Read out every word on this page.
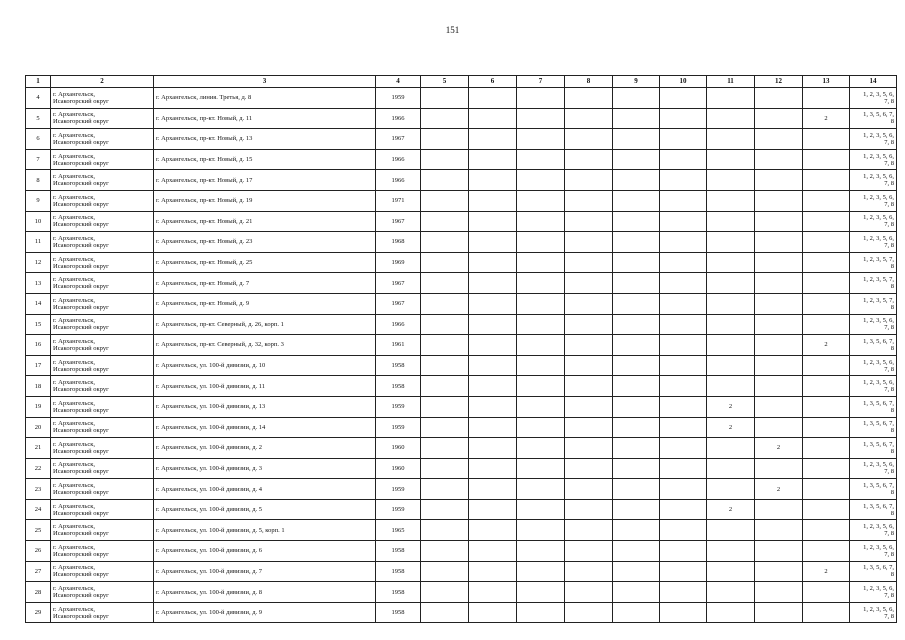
151
1	2	3	4	5	6	7	8	9	10	11	12	13	14
4	г. Архангельск,
Исакогорский округ	г. Архангельск, линия. Третья, д. 8	1959										1, 2, 3, 5, 6,
7, 8

5	г. Архангельск,
Исакогорский округ	г. Архангельск, пр-кт. Новый, д. 11	1966									2	1, 3, 5, 6, 7,
8

6	г. Архангельск,
Исакогорский округ	г. Архангельск, пр-кт. Новый, д. 13	1967										1, 2, 3, 5, 6,
7, 8

7	г. Архангельск,
Исакогорский округ	г. Архангельск, пр-кт. Новый, д. 15	1966										1, 2, 3, 5, 6,
7, 8

8	г. Архангельск,
Исакогорский округ	г. Архангельск, пр-кт. Новый, д. 17	1966										1, 2, 3, 5, 6,
7, 8

9	г. Архангельск,
Исакогорский округ	г. Архангельск, пр-кт. Новый, д. 19	1971										1, 2, 3, 5, 6,
7, 8

10	г. Архангельск,
Исакогорский округ	г. Архангельск, пр-кт. Новый, д. 21	1967										1, 2, 3, 5, 6,
7, 8

11	г. Архангельск,
Исакогорский округ	г. Архангельск, пр-кт. Новый, д. 23	1968										1, 2, 3, 5, 6,
7, 8

12	г. Архангельск,
Исакогорский округ	г. Архангельск, пр-кт. Новый, д. 25	1969										1, 2, 3, 5, 7,
8

13	г. Архангельск,
Исакогорский округ	г. Архангельск, пр-кт. Новый, д. 7	1967										1, 2, 3, 5, 7,
8

14	г. Архангельск,
Исакогорский округ	г. Архангельск, пр-кт. Новый, д. 9	1967										1, 2, 3, 5, 7,
8

15	г. Архангельск,
Исакогорский округ	г. Архангельск, пр-кт. Северный, д. 26, корп. 1	1966										1, 2, 3, 5, 6,
7, 8

16	г. Архангельск,
Исакогорский округ	г. Архангельск, пр-кт. Северный, д. 32, корп. 3	1961									2	1, 3, 5, 6, 7,
8

17	г. Архангельск,
Исакогорский округ	г. Архангельск, ул. 100-й дивизии, д. 10	1958										1, 2, 3, 5, 6,
7, 8

18	г. Архангельск,
Исакогорский округ	г. Архангельск, ул. 100-й дивизии, д. 11	1958										1, 2, 3, 5, 6,
7, 8

19	г. Архангельск,
Исакогорский округ	г. Архангельск, ул. 100-й дивизии, д. 13	1959							2			1, 3, 5, 6, 7,
8

20	г. Архангельск,
Исакогорский округ	г. Архангельск, ул. 100-й дивизии, д. 14	1959							2			1, 3, 5, 6, 7,
8

21	г. Архангельск,
Исакогорский округ	г. Архангельск, ул. 100-й дивизии, д. 2	1960								2		1, 3, 5, 6, 7,
8

22	г. Архангельск,
Исакогорский округ	г. Архангельск, ул. 100-й дивизии, д. 3	1960										1, 2, 3, 5, 6,
7, 8

23	г. Архангельск,
Исакогорский округ	г. Архангельск, ул. 100-й дивизии, д. 4	1959								2		1, 3, 5, 6, 7,
8

24	г. Архангельск,
Исакогорский округ	г. Архангельск, ул. 100-й дивизии, д. 5	1959							2			1, 3, 5, 6, 7,
8

25	г. Архангельск,
Исакогорский округ	г. Архангельск, ул. 100-й дивизии, д. 5, корп. 1	1965										1, 2, 3, 5, 6,
7, 8

26	г. Архангельск,
Исакогорский округ	г. Архангельск, ул. 100-й дивизии, д. 6	1958										1, 2, 3, 5, 6,
7, 8

27	г. Архангельск,
Исакогорский округ	г. Архангельск, ул. 100-й дивизии, д. 7	1958									2	1, 3, 5, 6, 7,
8

28	г. Архангельск,
Исакогорский округ	г. Архангельск, ул. 100-й дивизии, д. 8	1958										1, 2, 3, 5, 6,
7, 8

29	г. Архангельск,
Исакогорский округ	г. Архангельск, ул. 100-й дивизии, д. 9	1958										1, 2, 3, 5, 6,
7, 8
